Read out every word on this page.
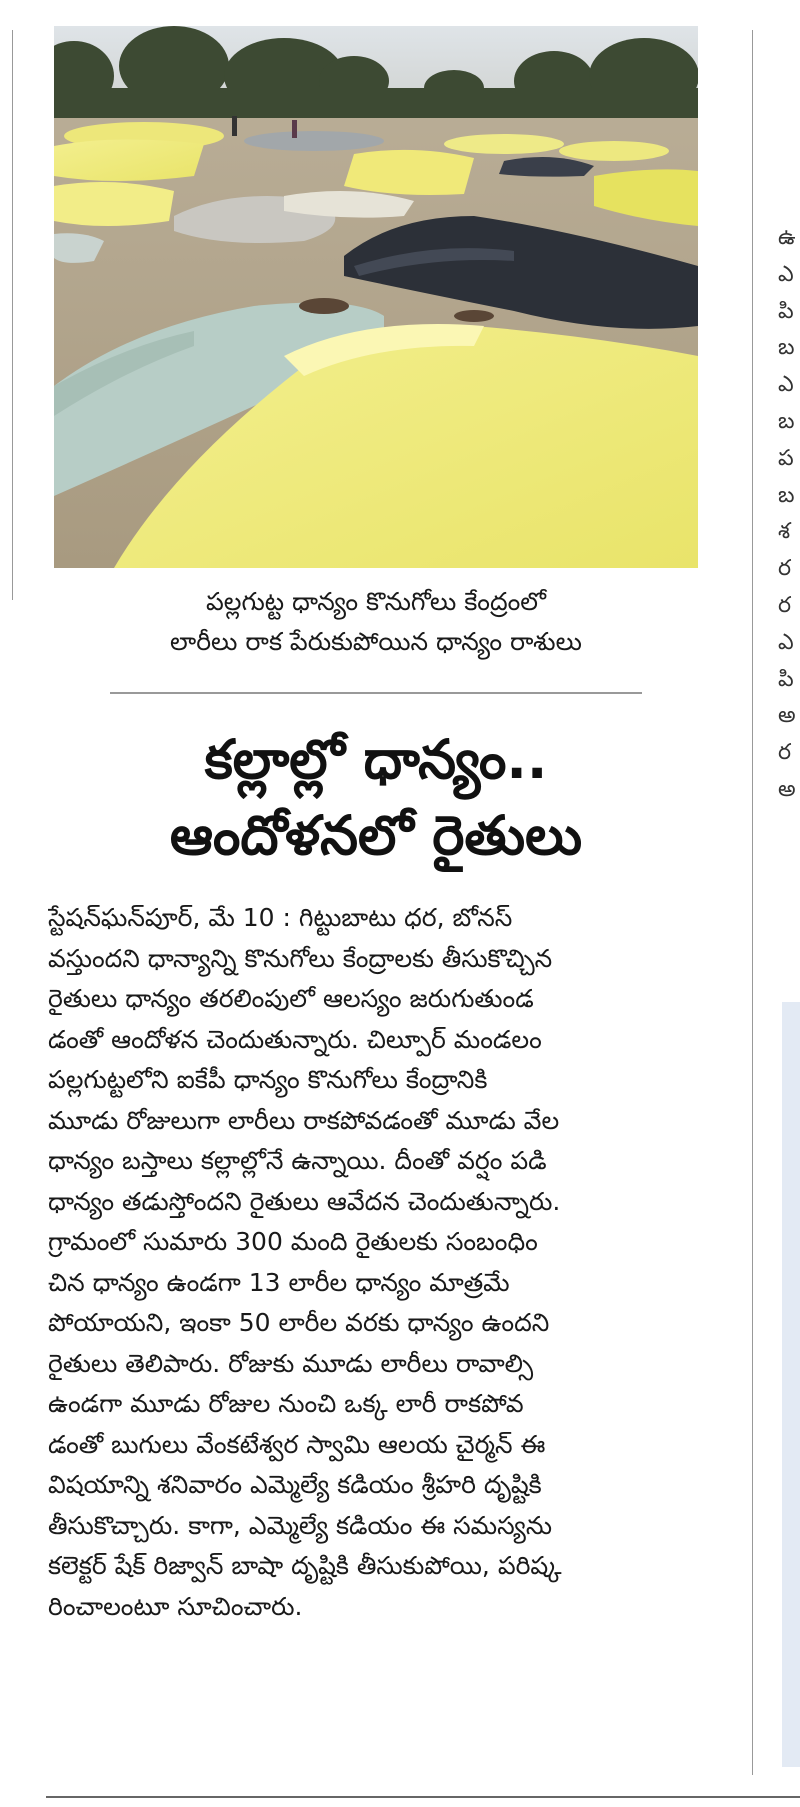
పల్లగుట్ట ధాన్యం కొనుగోలు కేంద్రంలో
లారీలు రాక పేరుకుపోయిన ధాన్యం రాశులు
కల్లాల్లో ధాన్యం..
ఆందోళనలో రైతులు
స్టేషన్‌ఘన్‌పూర్‌, మే 10 : గిట్టుబాటు ధర, బోనస్‌
వస్తుందని ధాన్యాన్ని కొనుగోలు కేంద్రాలకు తీసుకొచ్చిన
రైతులు ధాన్యం తరలింపులో ఆలస్యం జరుగుతుండ
డంతో ఆందోళన చెందుతున్నారు. చిల్పూర్‌ మండలం
పల్లగుట్టలోని ఐకేపీ ధాన్యం కొనుగోలు కేంద్రానికి
మూడు రోజులుగా లారీలు రాకపోవడంతో మూడు వేల
ధాన్యం బస్తాలు కల్లాల్లోనే ఉన్నాయి. దీంతో వర్షం పడి
ధాన్యం తడుస్తోందని రైతులు ఆవేదన చెందుతున్నారు.
గ్రామంలో సుమారు 300 మంది రైతులకు సంబంధిం
చిన ధాన్యం ఉండగా 13 లారీల ధాన్యం మాత్రమే
పోయాయని, ఇంకా 50 లారీల వరకు ధాన్యం ఉందని
రైతులు తెలిపారు. రోజుకు మూడు లారీలు రావాల్సి
ఉండగా మూడు రోజుల నుంచి ఒక్క లారీ రాకపోవ
డంతో బుగులు వేంకటేశ్వర స్వామి ఆలయ చైర్మన్‌ ఈ
విషయాన్ని శనివారం ఎమ్మెల్యే కడియం శ్రీహరి దృష్టికి
తీసుకొచ్చారు. కాగా, ఎమ్మెల్యే కడియం ఈ సమస్యను
కలెక్టర్‌ షేక్‌ రిజ్వాన్‌ బాషా దృష్టికి తీసుకుపోయి, పరిష్క
రించాలంటూ సూచించారు.
ఉ
ఎ
పి
బ
ఎ
బ
ప
బ
శ
ర
ర
ఎ
పి
అ
ర
అ
